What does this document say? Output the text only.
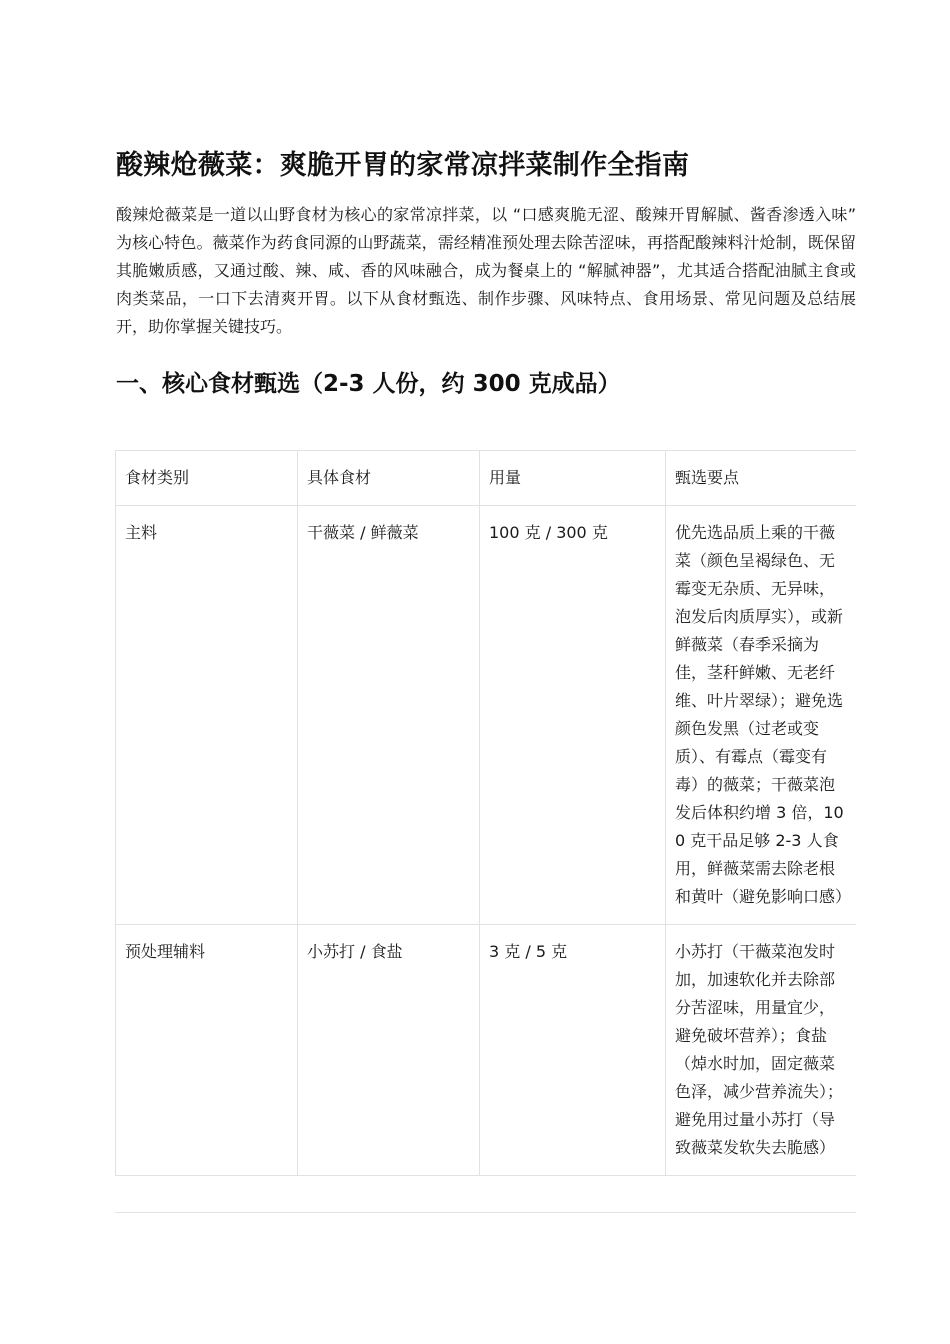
酸辣炝薇菜：爽脆开胃的家常凉拌菜制作全指南

酸辣炝薇菜是一道以山野食材为核心的家常凉拌菜，以 “口感爽脆无涩、酸辣开胃解腻、酱香渗透入味” 为核心特色。薇菜作为药食同源的山野蔬菜，需经精准预处理去除苦涩味，再搭配酸辣料汁炝制，既保留其脆嫩质感，又通过酸、辣、咸、香的风味融合，成为餐桌上的 “解腻神器”，尤其适合搭配油腻主食或肉类菜品，一口下去清爽开胃。以下从食材甄选、制作步骤、风味特点、食用场景、常见问题及总结展开，助你掌握关键技巧。

一、核心食材甄选（2-3 人份，约 300 克成品）
食材类别	具体食材	用量	甄选要点
主料	干薇菜 / 鲜薇菜	100 克 / 300 克	优先选品质上乘的干薇菜（颜色呈褐绿色、无霉变无杂质、无异味，泡发后肉质厚实），或新鲜薇菜（春季采摘为佳，茎秆鲜嫩、无老纤维、叶片翠绿）；避免选颜色发黑（过老或变质）、有霉点（霉变有毒）的薇菜；干薇菜泡发后体积约增 3 倍，100 克干品足够 2-3 人食用，鲜薇菜需去除老根和黄叶（避免影响口感）
预处理辅料	小苏打 / 食盐	3 克 / 5 克	小苏打（干薇菜泡发时加，加速软化并去除部分苦涩味，用量宜少，避免破坏营养）；食盐（焯水时加，固定薇菜色泽，减少营养流失）；避免用过量小苏打（导致薇菜发软失去脆感）
